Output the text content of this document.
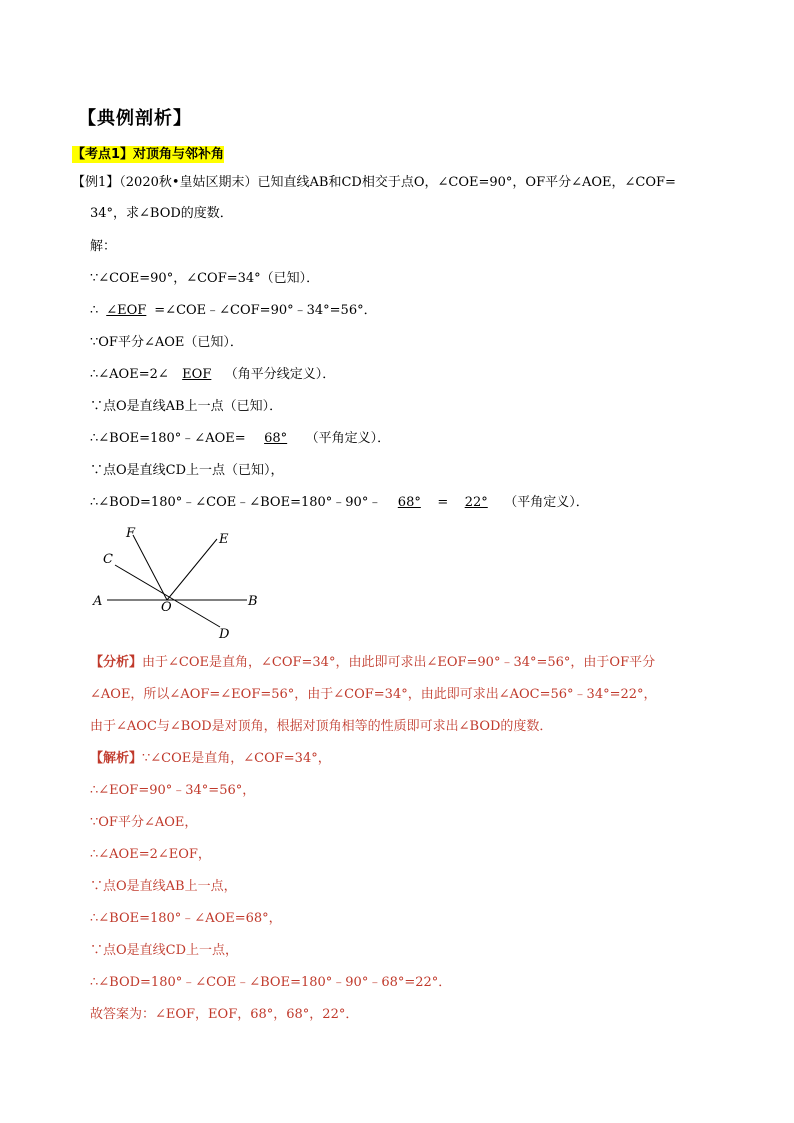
【典例剖析】
【考点1】对顶角与邻补角
【例1】（2020秋•皇姑区期末）已知直线AB和CD相交于点O，∠COE=90°，OF平分∠AOE，∠COF=
34°，求∠BOD的度数．
解：
∵∠COE=90°，∠COF=34°（已知）．
∴ ∠EOF =∠COE﹣∠COF=90°﹣34°=56°．
∵OF平分∠AOE（已知）．
∴∠AOE=2∠ EOF （角平分线定义）．
∵点O是直线AB上一点（已知）．
∴∠BOE=180°﹣∠AOE= 68° （平角定义）．
∵点O是直线CD上一点（已知），
∴∠BOD=180°﹣∠COE﹣∠BOE=180°﹣90°﹣ 68° = 22° （平角定义）．
F	E
C
A	O	B
D
【分析】由于∠COE是直角，∠COF=34°，由此即可求出∠EOF=90°﹣34°=56°，由于OF平分
∠AOE，所以∠AOF=∠EOF=56°，由于∠COF=34°，由此即可求出∠AOC=56°﹣34°=22°，
由于∠AOC与∠BOD是对顶角，根据对顶角相等的性质即可求出∠BOD的度数．
【解析】∵∠COE是直角，∠COF=34°，
∴∠EOF=90°﹣34°=56°，
∵OF平分∠AOE，
∴∠AOE=2∠EOF，
∵点O是直线AB上一点，
∴∠BOE=180°﹣∠AOE=68°，
∵点O是直线CD上一点，
∴∠BOD=180°﹣∠COE﹣∠BOE=180°﹣90°﹣68°=22°．
故答案为：∠EOF，EOF，68°，68°，22°．
